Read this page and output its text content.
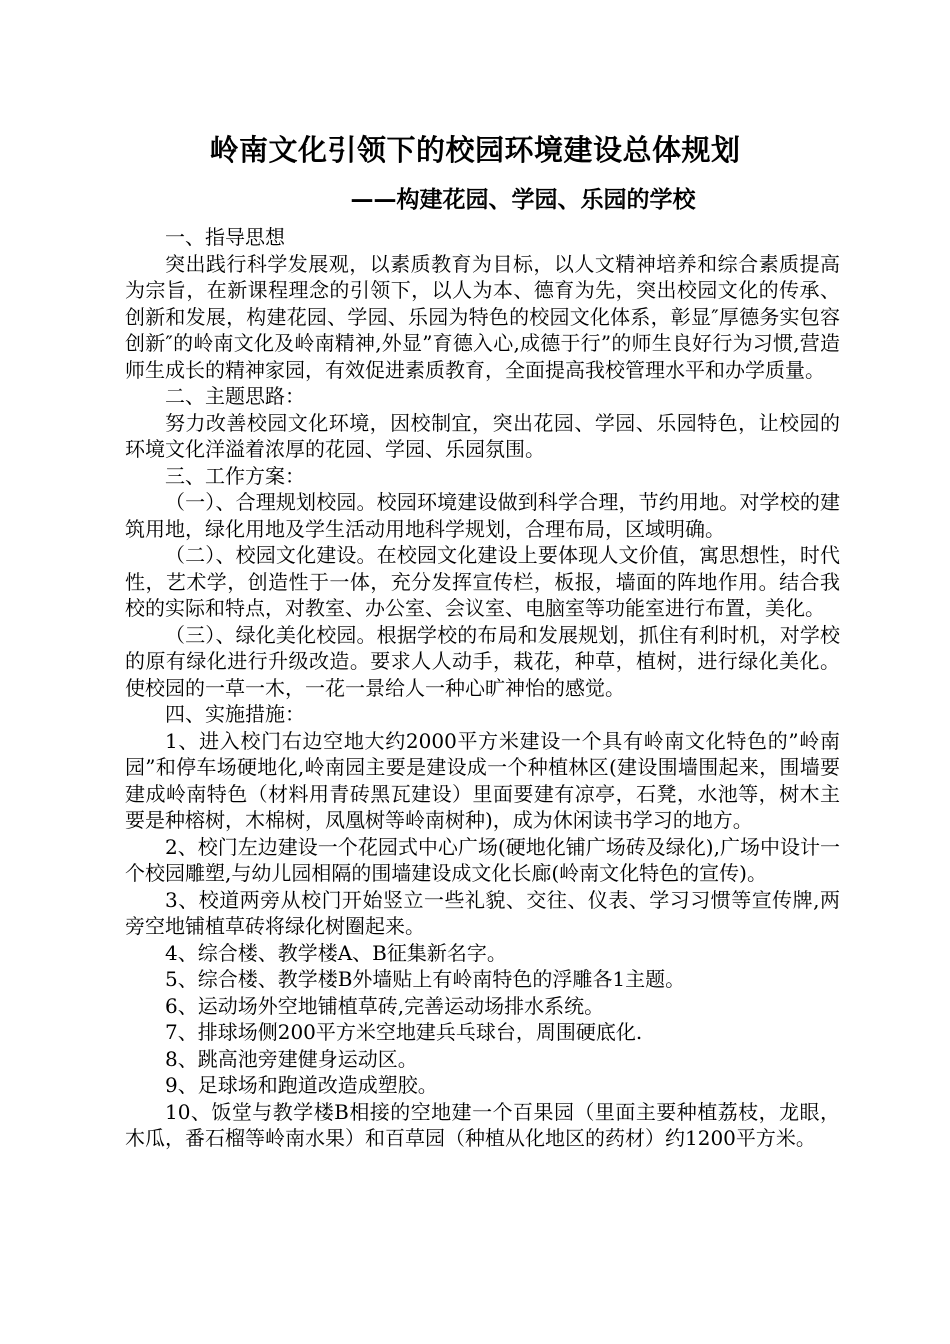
岭南文化引领下的校园环境建设总体规划
——构建花园、学园、乐园的学校

一、指导思想

突出践行科学发展观，以素质教育为目标，以人文精神培养和综合素质提高为宗旨，在新课程理念的引领下，以人为本、德育为先，突出校园文化的传承、创新和发展，构建花园、学园、乐园为特色的校园文化体系，彰显″厚德务实包容创新″的岭南文化及岭南精神,外显”育德入心,成德于行”的师生良好行为习惯,营造师生成长的精神家园，有效促进素质教育，全面提高我校管理水平和办学质量。

二、主题思路：

努力改善校园文化环境，因校制宜，突出花园、学园、乐园特色，让校园的环境文化洋溢着浓厚的花园、学园、乐园氛围。

三、工作方案：

（一）、合理规划校园。校园环境建设做到科学合理，节约用地。对学校的建筑用地，绿化用地及学生活动用地科学规划，合理布局，区域明确。

（二）、校园文化建设。在校园文化建设上要体现人文价值，寓思想性，时代性，艺术学，创造性于一体，充分发挥宣传栏，板报，墙面的阵地作用。结合我校的实际和特点，对教室、办公室、会议室、电脑室等功能室进行布置，美化。

（三）、绿化美化校园。根据学校的布局和发展规划，抓住有利时机，对学校的原有绿化进行升级改造。要求人人动手，栽花，种草，植树，进行绿化美化。使校园的一草一木，一花一景给人一种心旷神怡的感觉。

四、实施措施：

1、进入校门右边空地大约2000平方米建设一个具有岭南文化特色的”岭南园”和停车场硬地化,岭南园主要是建设成一个种植林区(建设围墙围起来，围墙要建成岭南特色（材料用青砖黑瓦建设）里面要建有凉亭，石凳，水池等，树木主要是种榕树，木棉树，凤凰树等岭南树种)，成为休闲读书学习的地方。

2、校门左边建设一个花园式中心广场(硬地化铺广场砖及绿化),广场中设计一个校园雕塑,与幼儿园相隔的围墙建设成文化长廊(岭南文化特色的宣传)。

3、校道两旁从校门开始竖立一些礼貌、交往、仪表、学习习惯等宣传牌,两旁空地铺植草砖将绿化树圈起来。

4、综合楼、教学楼A、B征集新名字。

5、综合楼、教学楼B外墙贴上有岭南特色的浮雕各1主题。

6、运动场外空地铺植草砖,完善运动场排水系统。

7、排球场侧200平方米空地建兵乓球台，周围硬底化.

8、跳高池旁建健身运动区。

9、足球场和跑道改造成塑胶。

10、饭堂与教学楼B相接的空地建一个百果园（里面主要种植荔枝，龙眼，木瓜，番石榴等岭南水果）和百草园（种植从化地区的药材）约1200平方米。
